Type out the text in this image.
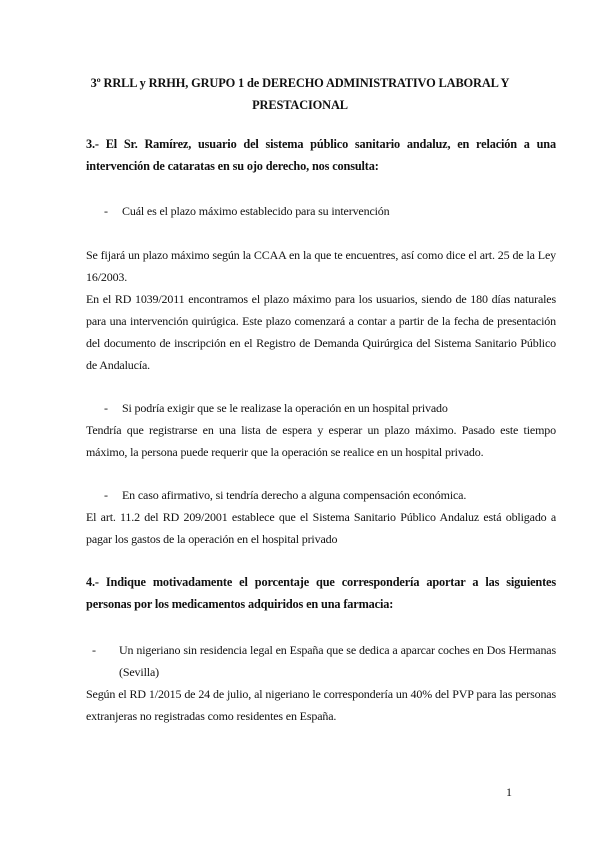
3º RRLL y RRHH, GRUPO 1 de DERECHO ADMINISTRATIVO LABORAL Y PRESTACIONAL
3.- El Sr. Ramírez, usuario del sistema público sanitario andaluz, en relación a una intervención de cataratas en su ojo derecho, nos consulta:
-	Cuál es el plazo máximo establecido para su intervención
Se fijará un plazo máximo según la CCAA en la que te encuentres, así como dice el art. 25 de la Ley 16/2003.
En el RD 1039/2011 encontramos el plazo máximo para los usuarios, siendo de 180 días naturales para una intervención quirúgica. Este plazo comenzará a contar a partir de la fecha de presentación del documento de inscripción en el Registro de Demanda Quirúrgica del Sistema Sanitario Público de Andalucía.
-	Si podría exigir que se le realizase la operación en un hospital privado
Tendría que registrarse en una lista de espera y esperar un plazo máximo. Pasado este tiempo máximo, la persona puede requerir que la operación se realice en un hospital privado.
-	En caso afirmativo, si tendría derecho a alguna compensación económica.
El art. 11.2 del RD 209/2001 establece que el Sistema Sanitario Público Andaluz está obligado a pagar los gastos de la operación en el hospital privado
4.- Indique motivadamente el porcentaje que correspondería aportar a las siguientes personas por los medicamentos adquiridos en una farmacia:
-	Un nigeriano sin residencia legal en España que se dedica a aparcar coches en Dos Hermanas (Sevilla)
Según el RD 1/2015 de 24 de julio, al nigeriano le correspondería un 40% del PVP para las personas extranjeras no registradas como residentes en España.
1
